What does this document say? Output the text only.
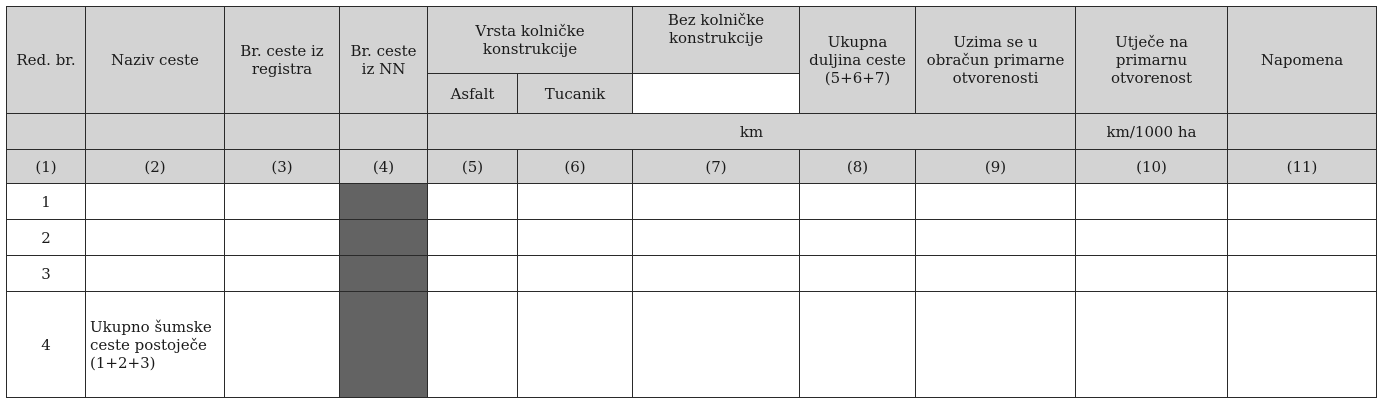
Red. br.	Naziv ceste	Br. ceste iz registra	Br. ceste iz NN	Vrsta kolničke konstrukcije		Bez kolničke konstrukcije	Ukupna duljina ceste (5+6+7)	Uzima se u obračun primarne otvorenosti	Utječe na primarnu otvorenost	Napomena
				Asfalt	Tucanik					
				km					km/1000 ha	
(1)	(2)	(3)	(4)	(5)	(6)	(7)	(8)	(9)	(10)	(11)
1										
2										
3										
4	Ukupno šumske ceste postoječe (1+2+3)									
